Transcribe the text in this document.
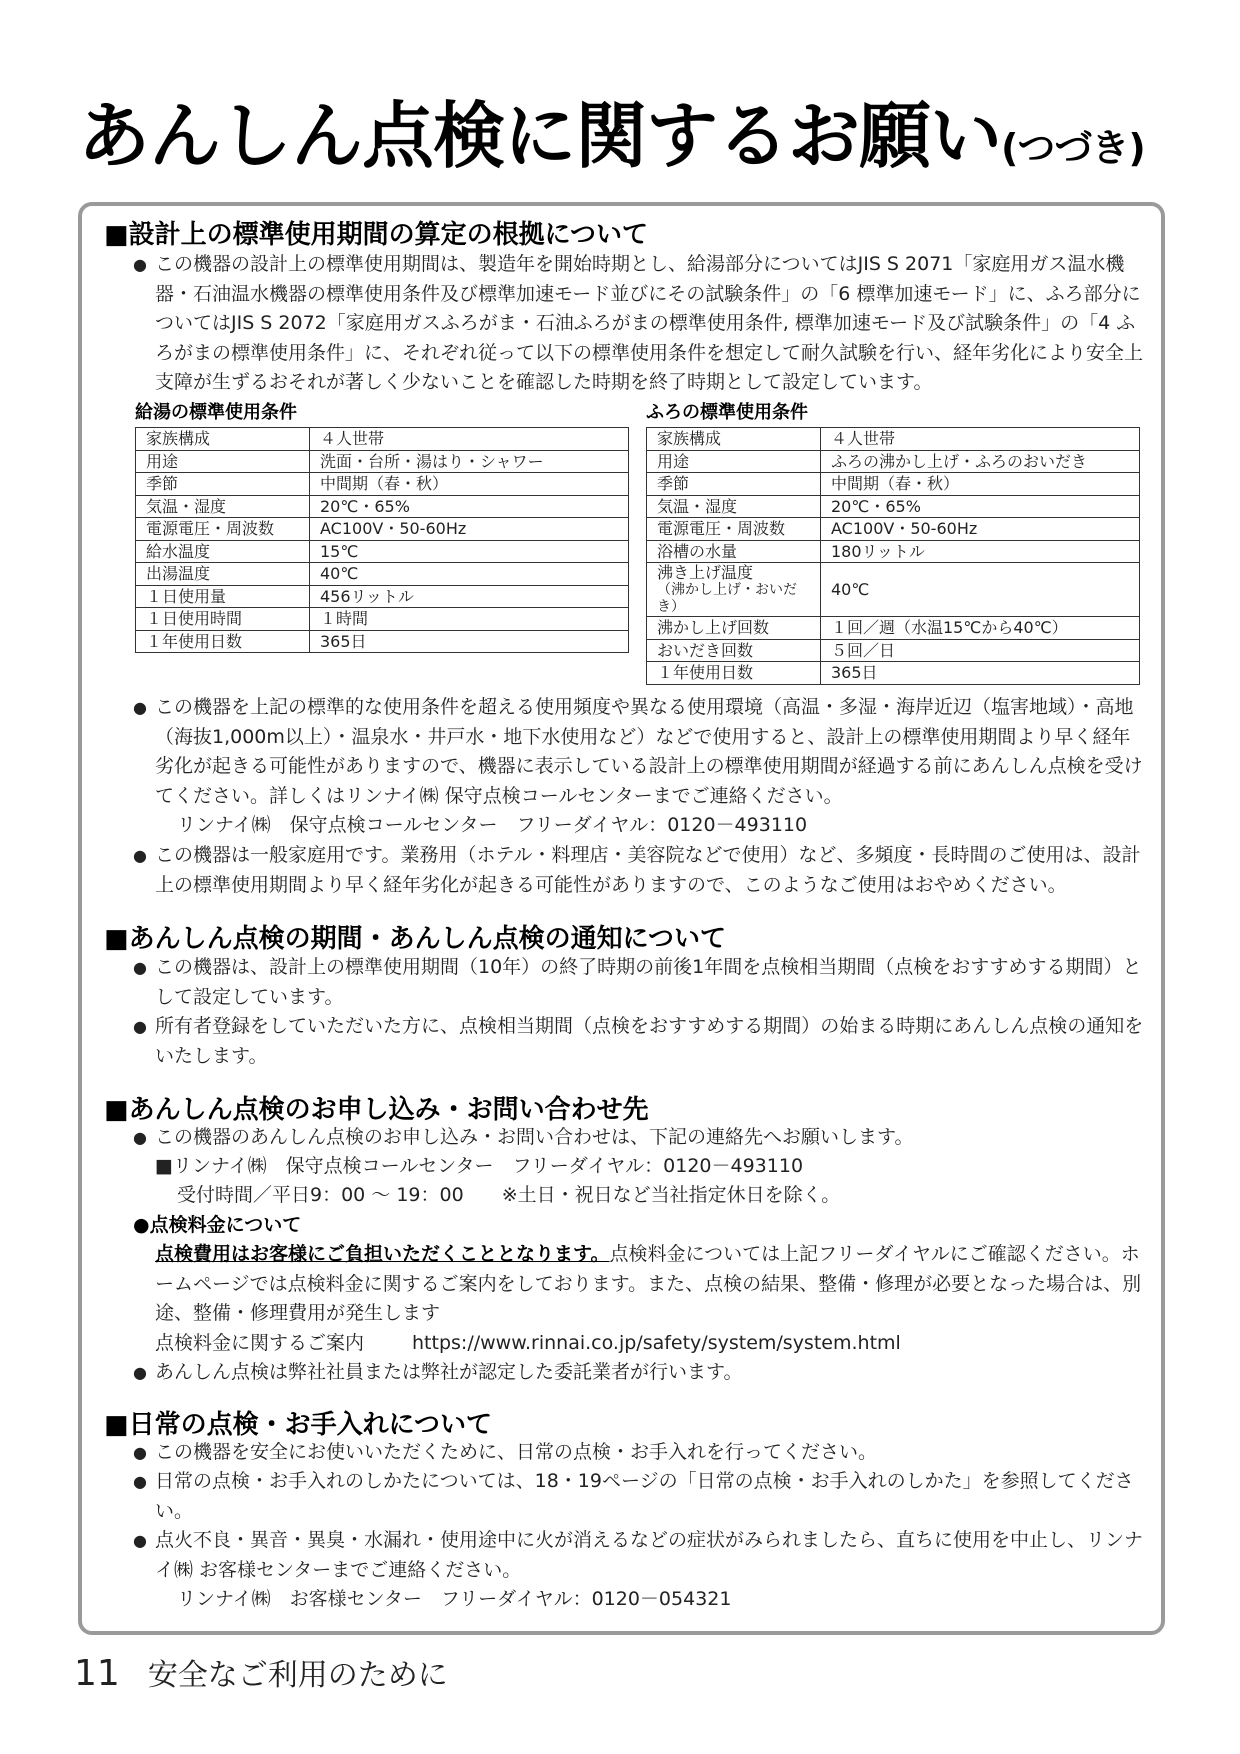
あんしん点検に関するお願い(つづき)
■設計上の標準使用期間の算定の根拠について

● この機器の設計上の標準使用期間は、製造年を開始時期とし、給湯部分についてはJIS S 2071「家庭用ガス温水機器・石油温水機器の標準使用条件及び標準加速モード並びにその試験条件」の「6 標準加速モード」に、ふろ部分についてはJIS S 2072「家庭用ガスふろがま・石油ふろがまの標準使用条件, 標準加速モード及び試験条件」の「4 ふろがまの標準使用条件」に、それぞれ従って以下の標準使用条件を想定して耐久試験を行い、経年劣化により安全上支障が生ずるおそれが著しく少ないことを確認した時期を終了時期として設定しています。

給湯の標準使用条件
家族構成	４人世帯
用途	洗面・台所・湯はり・シャワー
季節	中間期（春・秋）
気温・湿度	20℃・65%
電源電圧・周波数	AC100V・50-60Hz
給水温度	15℃
出湯温度	40℃
１日使用量	456リットル
１日使用時間	１時間
１年使用日数	365日
ふろの標準使用条件
家族構成	４人世帯
用途	ふろの沸かし上げ・ふろのおいだき
季節	中間期（春・秋）
気温・湿度	20℃・65%
電源電圧・周波数	AC100V・50-60Hz
浴槽の水量	180リットル
沸き上げ温度
（沸かし上げ・おいだき）	40℃
沸かし上げ回数	１回／週（水温15℃から40℃）
おいだき回数	５回／日
１年使用日数	365日

● この機器を上記の標準的な使用条件を超える使用頻度や異なる使用環境（高温・多湿・海岸近辺（塩害地域）・高地（海抜1,000m以上）・温泉水・井戸水・地下水使用など）などで使用すると、設計上の標準使用期間より早く経年劣化が起きる可能性がありますので、機器に表示している設計上の標準使用期間が経過する前にあんしん点検を受けてください。詳しくはリンナイ㈱ 保守点検コールセンターまでご連絡ください。

リンナイ㈱　保守点検コールセンター　フリーダイヤル：0120－493110

● この機器は一般家庭用です。業務用（ホテル・料理店・美容院などで使用）など、多頻度・長時間のご使用は、設計上の標準使用期間より早く経年劣化が起きる可能性がありますので、このようなご使用はおやめください。

■あんしん点検の期間・あんしん点検の通知について

● この機器は、設計上の標準使用期間（10年）の終了時期の前後1年間を点検相当期間（点検をおすすめする期間）として設定しています。

● 所有者登録をしていただいた方に、点検相当期間（点検をおすすめする期間）の始まる時期にあんしん点検の通知をいたします。

■あんしん点検のお申し込み・お問い合わせ先

● この機器のあんしん点検のお申し込み・お問い合わせは、下記の連絡先へお願いします。

■リンナイ㈱　保守点検コールセンター　フリーダイヤル：0120－493110

受付時間／平日9：00 ～ 19：00　　※土日・祝日など当社指定休日を除く。

●点検料金について

点検費用はお客様にご負担いただくこととなります。点検料金については上記フリーダイヤルにご確認ください。ホームページでは点検料金に関するご案内をしております。また、点検の結果、整備・修理が必要となった場合は、別途、整備・修理費用が発生します

点検料金に関するご案内	https://www.rinnai.co.jp/safety/system/system.html

● あんしん点検は弊社社員または弊社が認定した委託業者が行います。

■日常の点検・お手入れについて

● この機器を安全にお使いいただくために、日常の点検・お手入れを行ってください。

● 日常の点検・お手入れのしかたについては、18・19ページの「日常の点検・お手入れのしかた」を参照してください。

● 点火不良・異音・異臭・水漏れ・使用途中に火が消えるなどの症状がみられましたら、直ちに使用を中止し、リンナイ㈱ お客様センターまでご連絡ください。

リンナイ㈱　お客様センター　フリーダイヤル：0120－054321

11 安全なご利用のために
